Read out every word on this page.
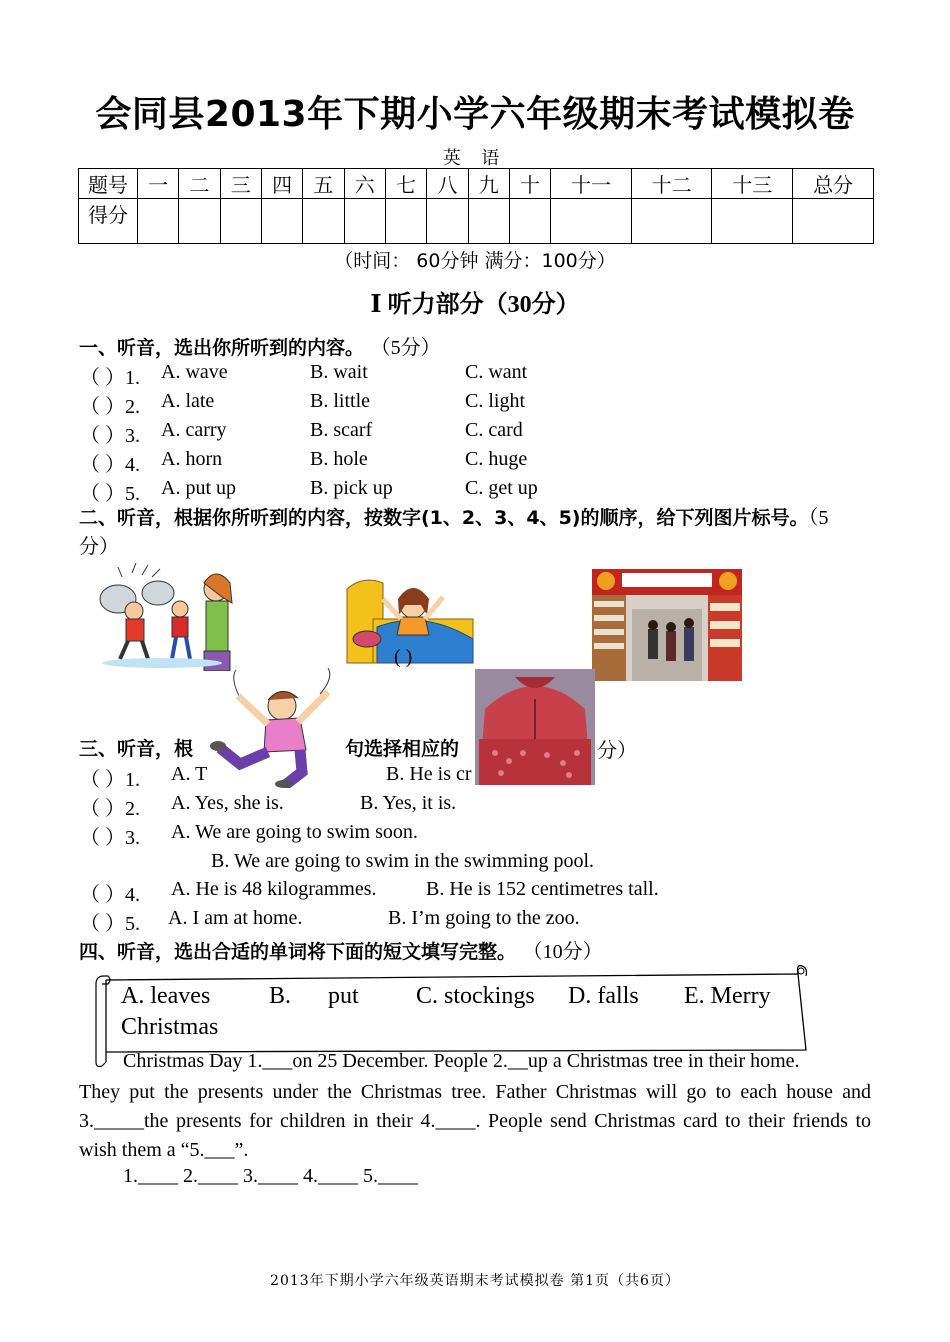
会同县2013年下期小学六年级期末考试模拟卷
英 语
题号	一	二	三	四	五	六	七	八	九	十	十一	十二	十三	总分
得分														
（时间： 60分钟 满分：100分）
Ⅰ 听力部分（30分）
一、听音，选出你所听到的内容。 （5分）
（ ）1. A. wave	B. wait	C. want
（ ）2. A. late	B. little	C. light
（ ）3. A. carry	B. scarf	C. card
（ ）4. A. horn	B. hole	C. huge
（ ）5. A. put up	B. pick up	C. get up
二、听音，根据你所听到的内容，按数字(1、2、3、4、5)的顺序，给下列图片标号。（5
分）
( )
三、听音，根	句选择相应的	分）
（ ）1. A. T	B. He is cr
（ ）2. A. Yes, she is.	B. Yes, it is.
（ ）3. A. We are going to swim soon.
B. We are going to swim in the swimming pool.
（ ）4. A. He is 48 kilogrammes. B. He is 152 centimetres tall.
（ ）5. A. I am at home.	B. I’m going to the zoo.
四、听音，选出合适的单词将下面的短文填写完整。 （10分）
A. leaves B. put C. stockings D. falls E. Merry
Christmas
Christmas Day 1.___on 25 December. People 2.__up a Christmas tree in their home.
They put the presents under the Christmas tree. Father Christmas will go to each house and 3._____the presents for children in their 4.____. People send Christmas card to their friends to wish them a “5.___”.
1.____ 2.____ 3.____ 4.____ 5.____
2013年下期小学六年级英语期末考试模拟卷 第1页（共6页）
